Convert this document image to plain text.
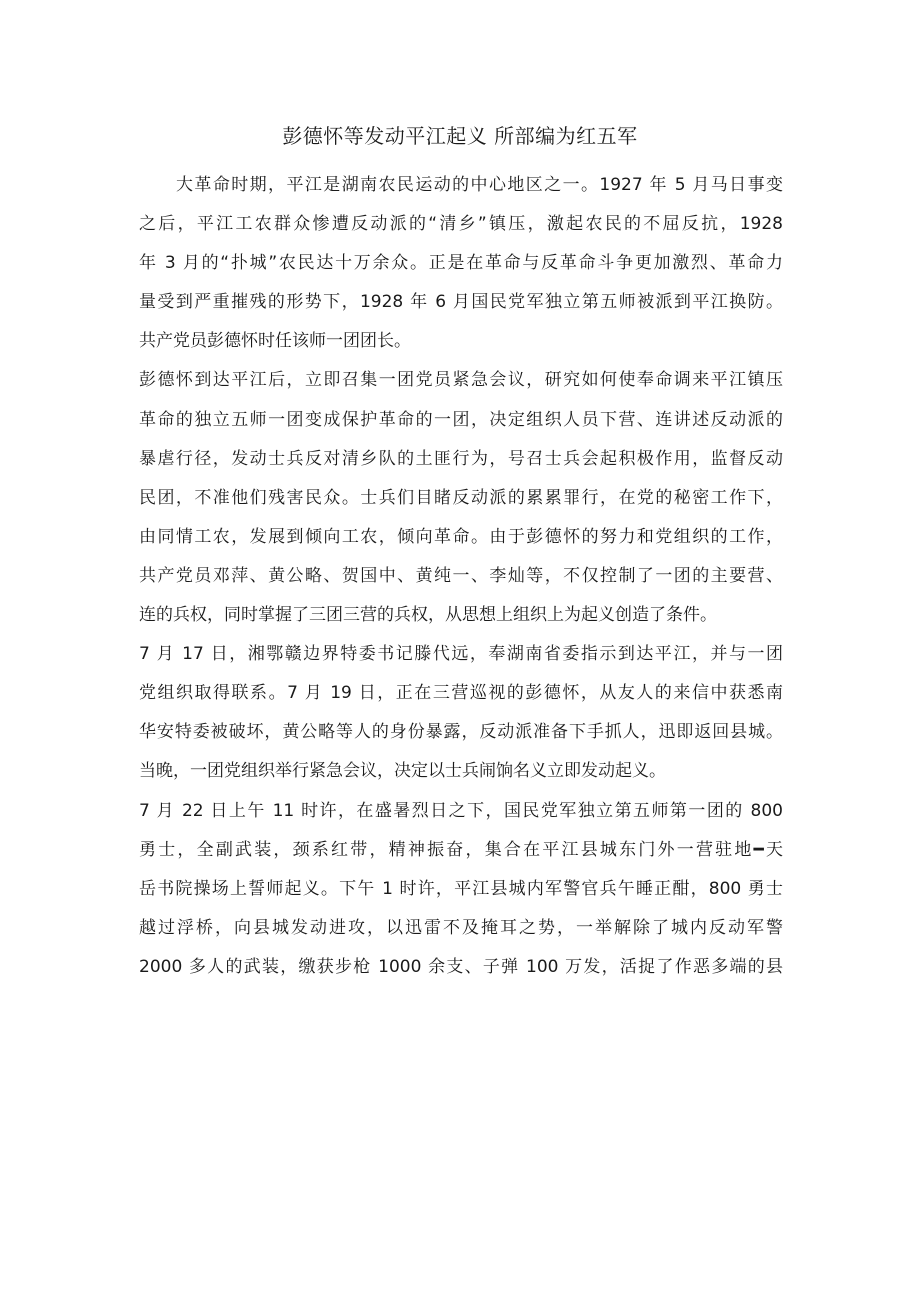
彭德怀等发动平江起义 所部编为红五军
大革命时期，平江是湖南农民运动的中心地区之一。1927 年 5 月马日事变
之后，平江工农群众惨遭反动派的“清乡”镇压，激起农民的不屈反抗，1928
年 3 月的“扑城”农民达十万余众。正是在革命与反革命斗争更加激烈、革命力
量受到严重摧残的形势下，1928 年 6 月国民党军独立第五师被派到平江换防。
共产党员彭德怀时任该师一团团长。
彭德怀到达平江后，立即召集一团党员紧急会议，研究如何使奉命调来平江镇压
革命的独立五师一团变成保护革命的一团，决定组织人员下营、连讲述反动派的
暴虐行径，发动士兵反对清乡队的土匪行为，号召士兵会起积极作用，监督反动
民团，不准他们残害民众。士兵们目睹反动派的累累罪行，在党的秘密工作下，
由同情工农，发展到倾向工农，倾向革命。由于彭德怀的努力和党组织的工作，
共产党员邓萍、黄公略、贺国中、黄纯一、李灿等，不仅控制了一团的主要营、
连的兵权，同时掌握了三团三营的兵权，从思想上组织上为起义创造了条件。
7 月 17 日，湘鄂赣边界特委书记滕代远，奉湖南省委指示到达平江，并与一团
党组织取得联系。7 月 19 日，正在三营巡视的彭德怀，从友人的来信中获悉南
华安特委被破坏，黄公略等人的身份暴露，反动派准备下手抓人，迅即返回县城。
当晚，一团党组织举行紧急会议，决定以士兵闹饷名义立即发动起义。
7 月 22 日上午 11 时许，在盛暑烈日之下，国民党军独立第五师第一团的 800
勇士，全副武装，颈系红带，精神振奋，集合在平江县城东门外一营驻地━天
岳书院操场上誓师起义。下午 1 时许，平江县城内军警官兵午睡正酣，800 勇士
越过浮桥，向县城发动进攻，以迅雷不及掩耳之势，一举解除了城内反动军警
2000 多人的武装，缴获步枪 1000 余支、子弹 100 万发，活捉了作恶多端的县
